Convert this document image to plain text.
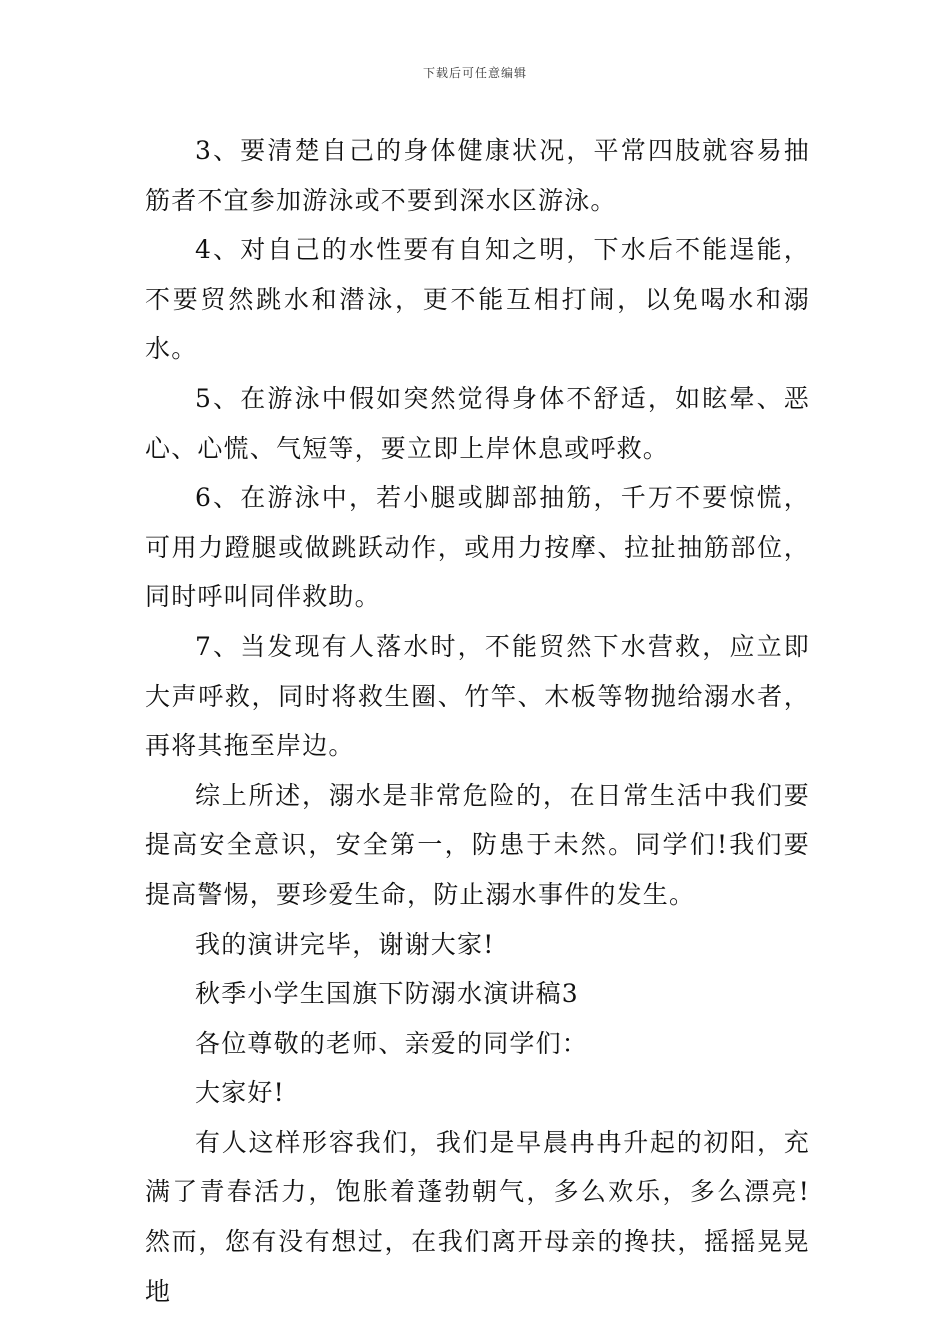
下载后可任意编辑

3、要清楚自己的身体健康状况，平常四肢就容易抽筋者不宜参加游泳或不要到深水区游泳。

4、对自己的水性要有自知之明，下水后不能逞能，不要贸然跳水和潜泳，更不能互相打闹，以免喝水和溺水。

5、在游泳中假如突然觉得身体不舒适，如眩晕、恶心、心慌、气短等，要立即上岸休息或呼救。

6、在游泳中，若小腿或脚部抽筋，千万不要惊慌，可用力蹬腿或做跳跃动作，或用力按摩、拉扯抽筋部位，同时呼叫同伴救助。

7、当发现有人落水时，不能贸然下水营救，应立即大声呼救，同时将救生圈、竹竿、木板等物抛给溺水者，再将其拖至岸边。

综上所述，溺水是非常危险的，在日常生活中我们要提高安全意识，安全第一，防患于未然。同学们!我们要提高警惕，要珍爱生命，防止溺水事件的发生。

我的演讲完毕，谢谢大家!

秋季小学生国旗下防溺水演讲稿3

各位尊敬的老师、亲爱的同学们：

大家好!

有人这样形容我们，我们是早晨冉冉升起的初阳，充满了青春活力，饱胀着蓬勃朝气，多么欢乐，多么漂亮!然而，您有没有想过，在我们离开母亲的搀扶，摇摇晃晃地
